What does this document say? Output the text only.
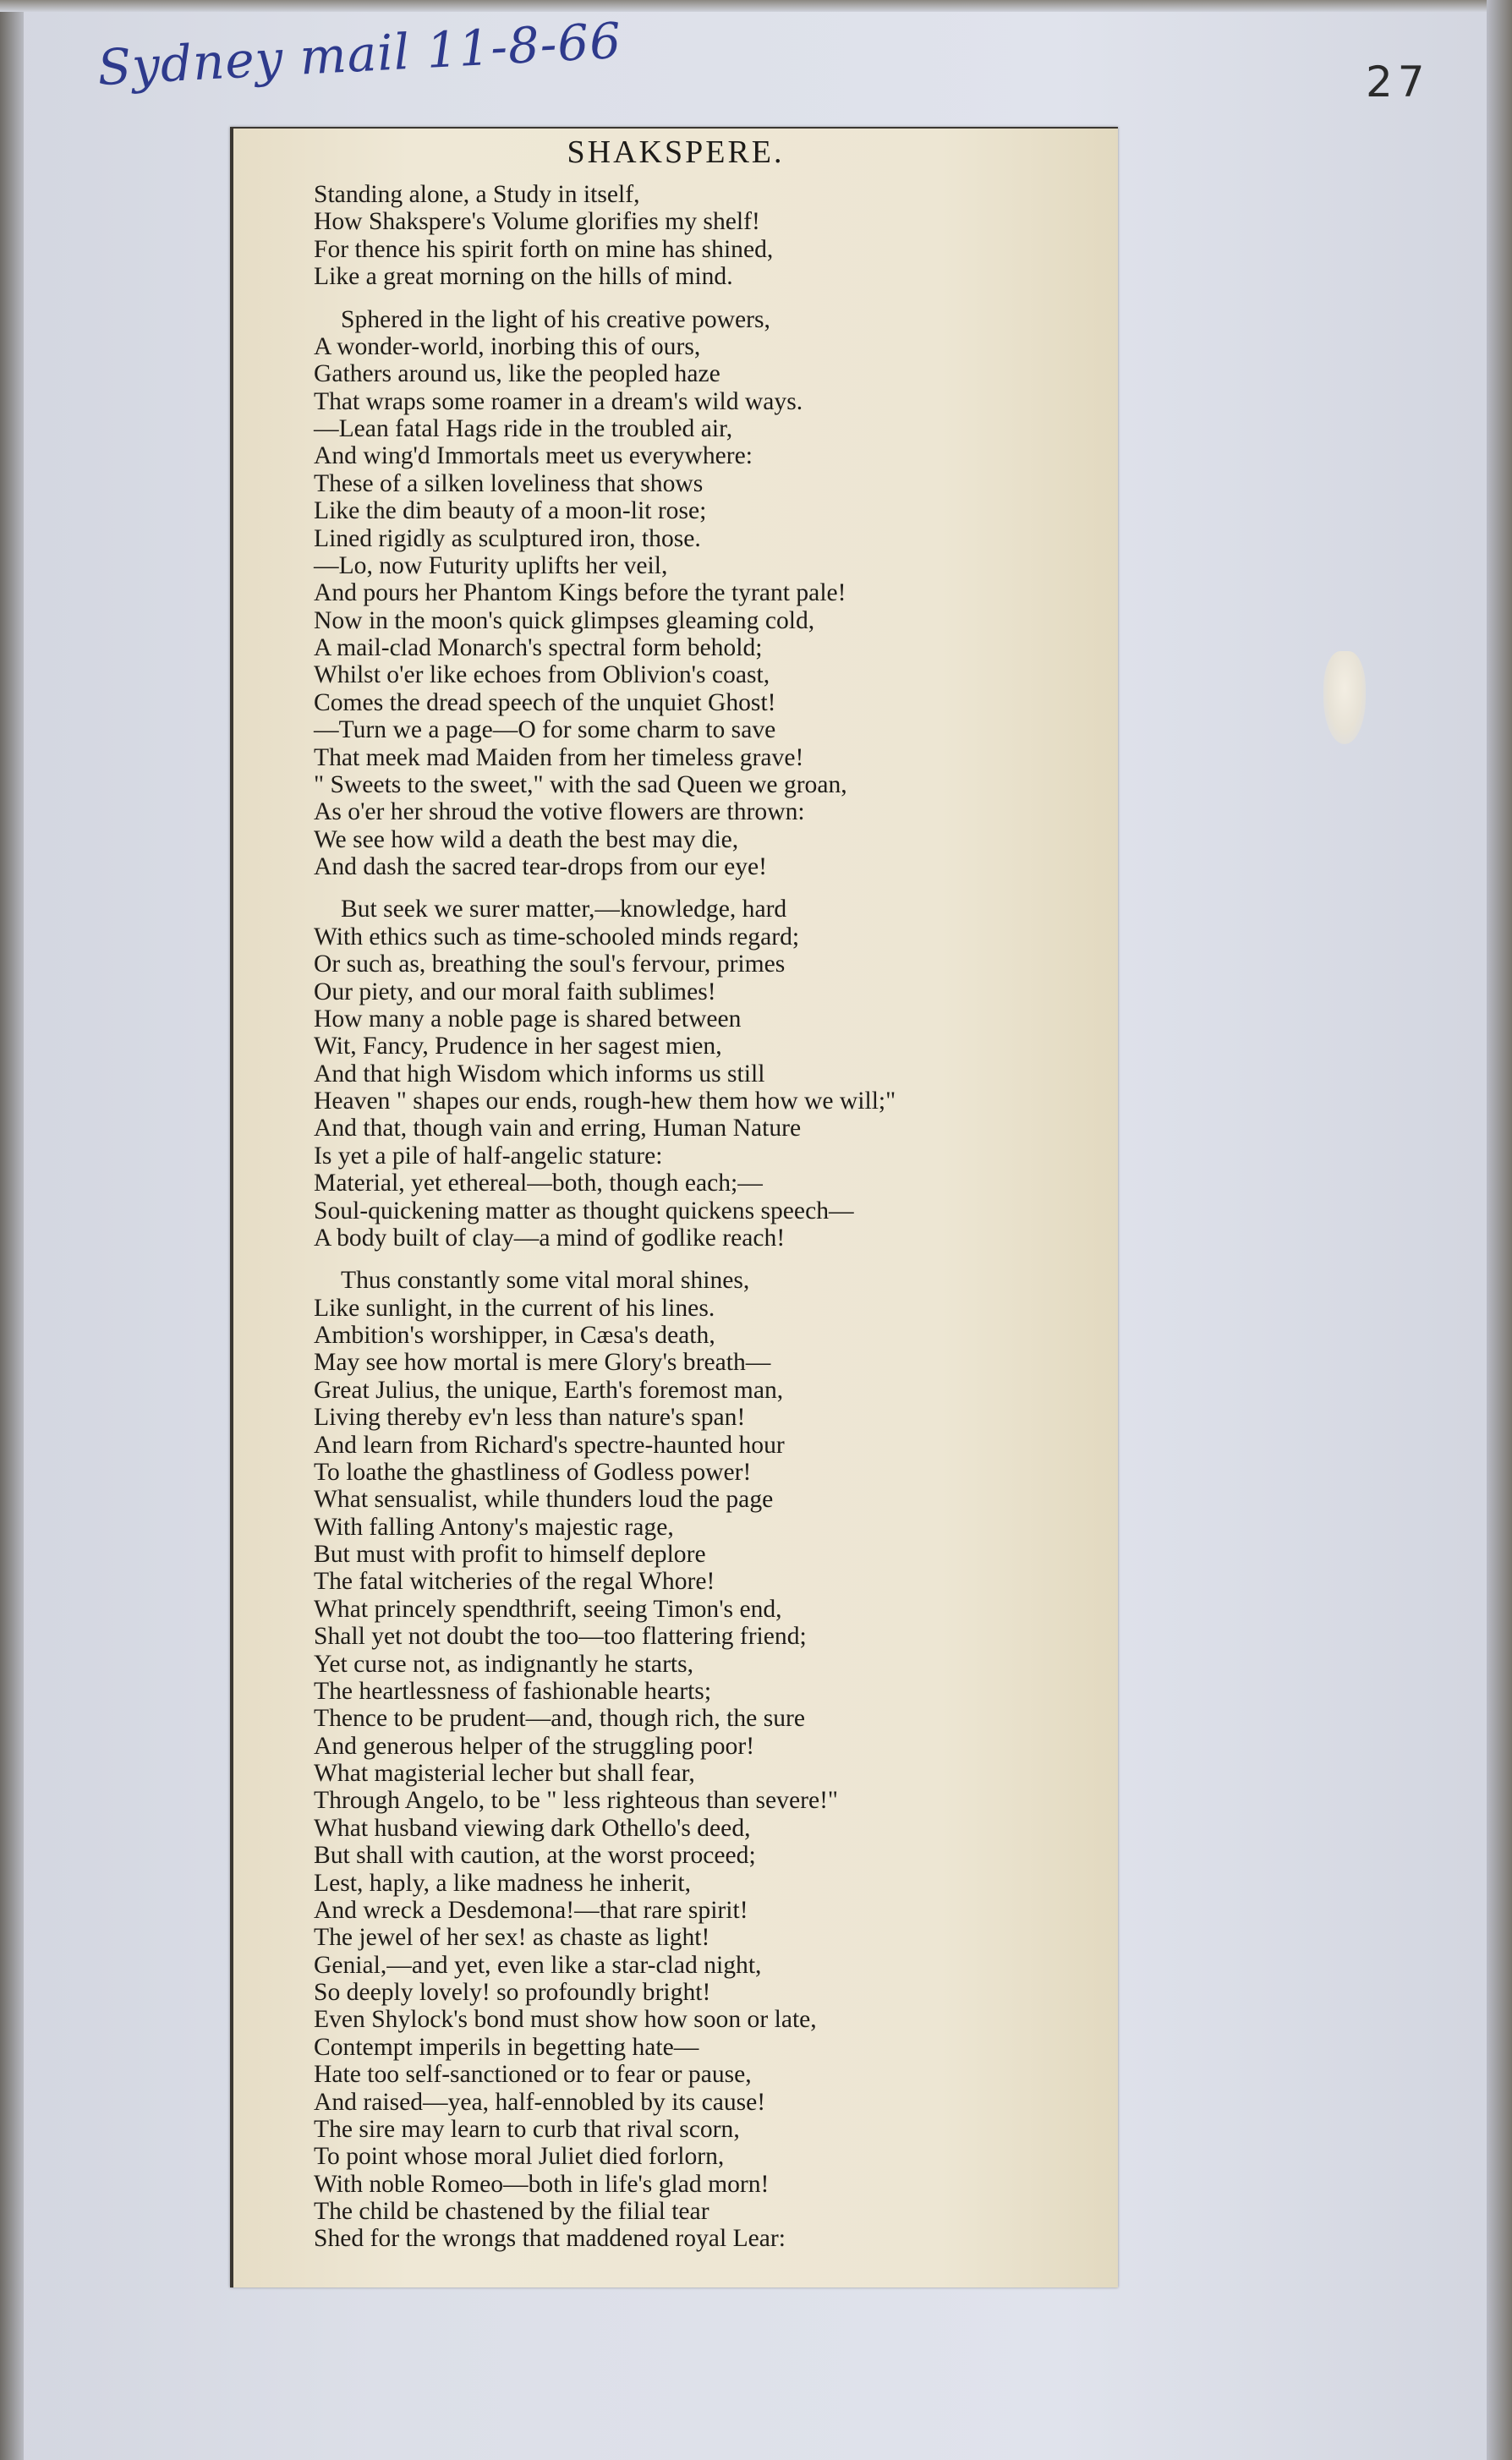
Sydney mail 11-8-66	27
SHAKSPERE.
Standing alone, a Study in itself,
How Shakspere's Volume glorifies my shelf!
For thence his spirit forth on mine has shined,
Like a great morning on the hills of mind.
Sphered in the light of his creative powers,
A wonder-world, inorbing this of ours,
Gathers around us, like the peopled haze
That wraps some roamer in a dream's wild ways.
—Lean fatal Hags ride in the troubled air,
And wing'd Immortals meet us everywhere:
These of a silken loveliness that shows
Like the dim beauty of a moon-lit rose;
Lined rigidly as sculptured iron, those.
—Lo, now Futurity uplifts her veil,
And pours her Phantom Kings before the tyrant pale!
Now in the moon's quick glimpses gleaming cold,
A mail-clad Monarch's spectral form behold;
Whilst o'er like echoes from Oblivion's coast,
Comes the dread speech of the unquiet Ghost!
—Turn we a page—O for some charm to save
That meek mad Maiden from her timeless grave!
" Sweets to the sweet," with the sad Queen we groan,
As o'er her shroud the votive flowers are thrown:
We see how wild a death the best may die,
And dash the sacred tear-drops from our eye!
But seek we surer matter,—knowledge, hard
With ethics such as time-schooled minds regard;
Or such as, breathing the soul's fervour, primes
Our piety, and our moral faith sublimes!
How many a noble page is shared between
Wit, Fancy, Prudence in her sagest mien,
And that high Wisdom which informs us still
Heaven " shapes our ends, rough-hew them how we will;"
And that, though vain and erring, Human Nature
Is yet a pile of half-angelic stature:
Material, yet ethereal—both, though each;—
Soul-quickening matter as thought quickens speech—
A body built of clay—a mind of godlike reach!
Thus constantly some vital moral shines,
Like sunlight, in the current of his lines.
Ambition's worshipper, in Cæsa's death,
May see how mortal is mere Glory's breath—
Great Julius, the unique, Earth's foremost man,
Living thereby ev'n less than nature's span!
And learn from Richard's spectre-haunted hour
To loathe the ghastliness of Godless power!
What sensualist, while thunders loud the page
With falling Antony's majestic rage,
But must with profit to himself deplore
The fatal witcheries of the regal Whore!
What princely spendthrift, seeing Timon's end,
Shall yet not doubt the too—too flattering friend;
Yet curse not, as indignantly he starts,
The heartlessness of fashionable hearts;
Thence to be prudent—and, though rich, the sure
And generous helper of the struggling poor!
What magisterial lecher but shall fear,
Through Angelo, to be " less righteous than severe!"
What husband viewing dark Othello's deed,
But shall with caution, at the worst proceed;
Lest, haply, a like madness he inherit,
And wreck a Desdemona!—that rare spirit!
The jewel of her sex! as chaste as light!
Genial,—and yet, even like a star-clad night,
So deeply lovely! so profoundly bright!
Even Shylock's bond must show how soon or late,
Contempt imperils in begetting hate—
Hate too self-sanctioned or to fear or pause,
And raised—yea, half-ennobled by its cause!
The sire may learn to curb that rival scorn,
To point whose moral Juliet died forlorn,
With noble Romeo—both in life's glad morn!
The child be chastened by the filial tear
Shed for the wrongs that maddened royal Lear:
